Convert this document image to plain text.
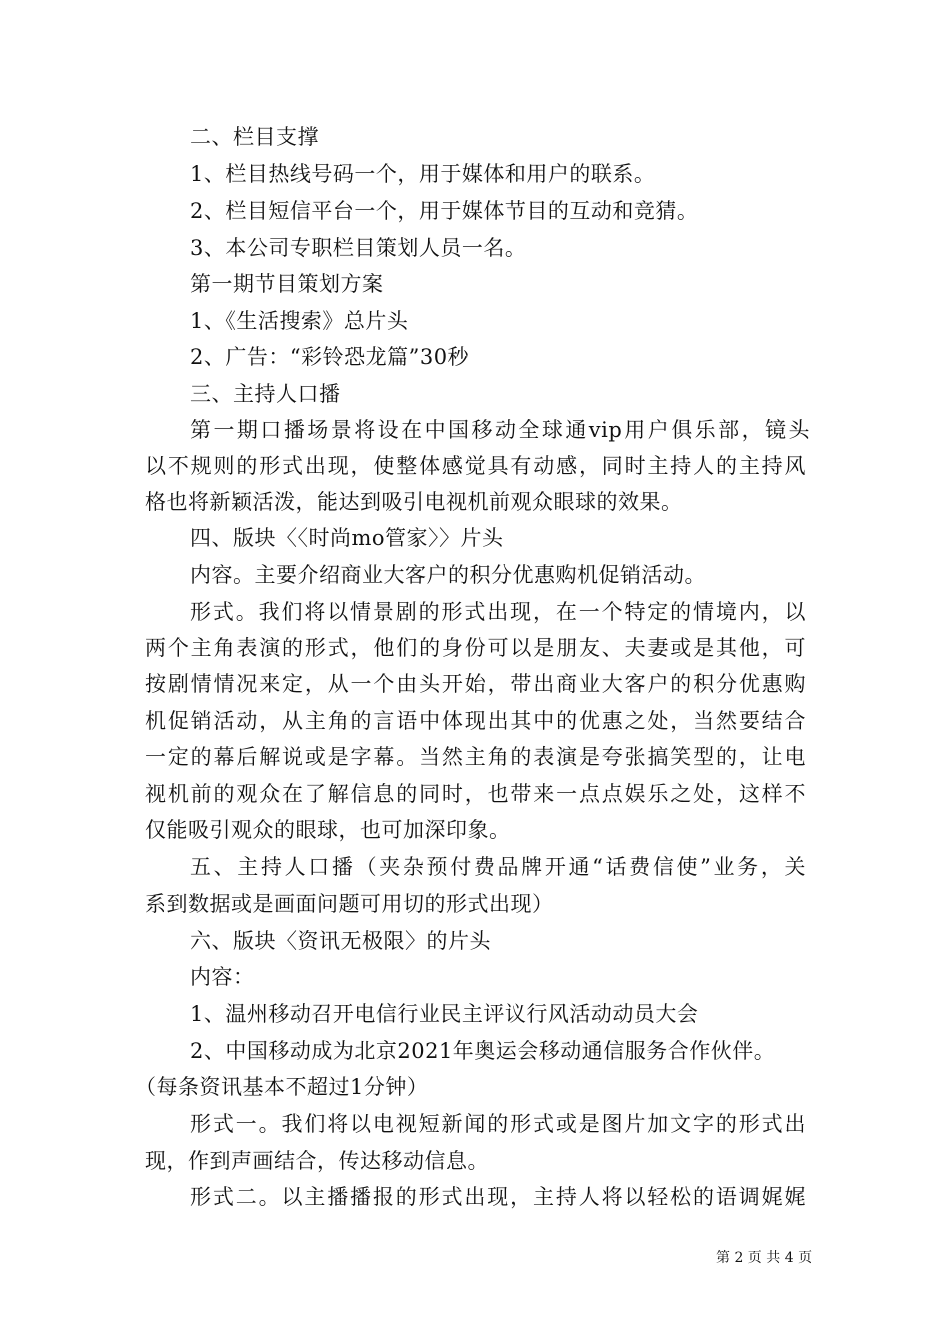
二、栏目支撑
1、栏目热线号码一个，用于媒体和用户的联系。
2、栏目短信平台一个，用于媒体节目的互动和竞猜。
3、本公司专职栏目策划人员一名。
第一期节目策划方案
1、《生活搜索》总片头
2、广告：“彩铃恐龙篇”30秒
三、主持人口播
第一期口播场景将设在中国移动全球通vip用户俱乐部，镜头
以不规则的形式出现，使整体感觉具有动感，同时主持人的主持风
格也将新颖活泼，能达到吸引电视机前观众眼球的效果。
四、版块〈〈时尚mo管家〉〉片头
内容。主要介绍商业大客户的积分优惠购机促销活动。
形式。我们将以情景剧的形式出现，在一个特定的情境内，以
两个主角表演的形式，他们的身份可以是朋友、夫妻或是其他，可
按剧情情况来定，从一个由头开始，带出商业大客户的积分优惠购
机促销活动，从主角的言语中体现出其中的优惠之处，当然要结合
一定的幕后解说或是字幕。当然主角的表演是夸张搞笑型的，让电
视机前的观众在了解信息的同时，也带来一点点娱乐之处，这样不
仅能吸引观众的眼球，也可加深印象。
五、主持人口播（夹杂预付费品牌开通“话费信使”业务，关
系到数据或是画面问题可用切的形式出现）
六、版块〈资讯无极限〉的片头
内容：
1、温州移动召开电信行业民主评议行风活动动员大会
2、中国移动成为北京2021年奥运会移动通信服务合作伙伴。
（每条资讯基本不超过1分钟）
形式一。我们将以电视短新闻的形式或是图片加文字的形式出
现，作到声画结合，传达移动信息。
形式二。以主播播报的形式出现，主持人将以轻松的语调娓娓
第 2 页 共 4 页
